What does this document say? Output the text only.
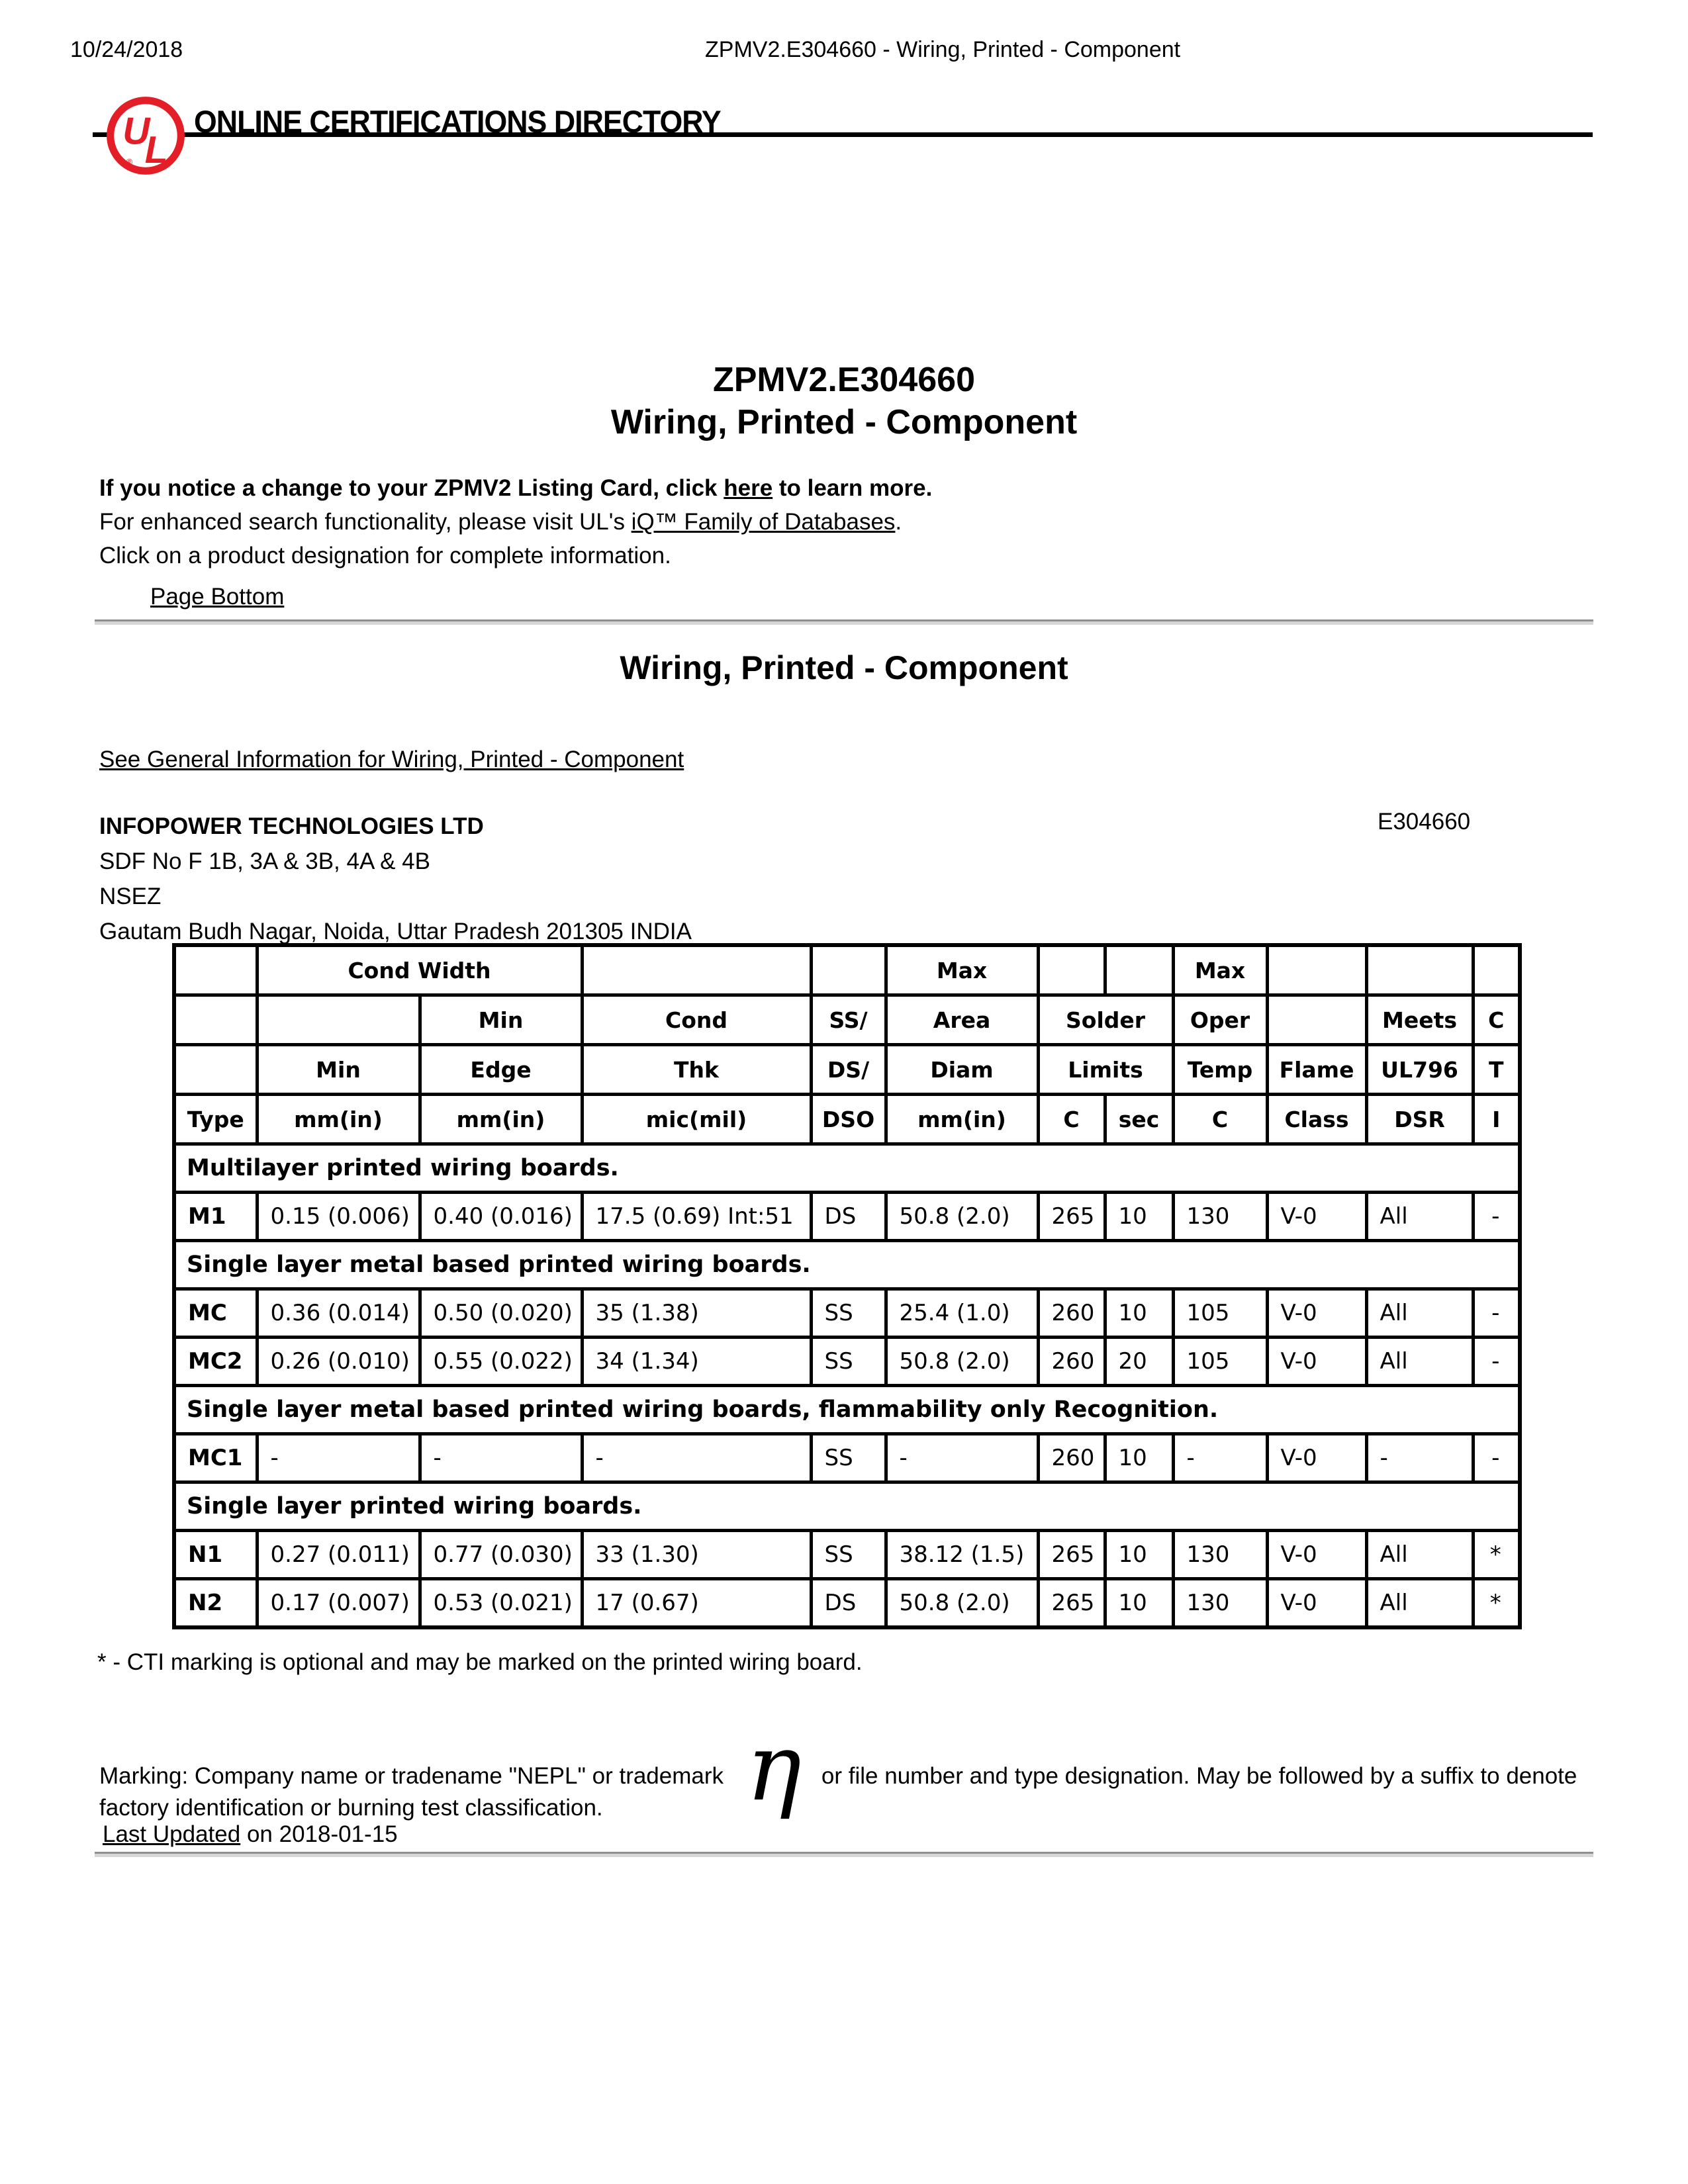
10/24/2018	ZPMV2.E304660 - Wiring, Printed - Component
U
L
®
ONLINE CERTIFICATIONS DIRECTORY
ZPMV2.E304660
Wiring, Printed - Component
If you notice a change to your ZPMV2 Listing Card, click here to learn more.
For enhanced search functionality, please visit UL's iQ™ Family of Databases.
Click on a product designation for complete information.
Page Bottom
Wiring, Printed - Component
See General Information for Wiring, Printed - Component
INFOPOWER TECHNOLOGIES LTD
SDF No F 1B, 3A & 3B, 4A & 4B
NSEZ
Gautam Budh Nagar, Noida, Uttar Pradesh 201305 INDIA
E304660
	Cond Width				Max			Max			
		Min	Cond	SS/	Area	Solder		Oper		Meets	C
	Min	Edge	Thk	DS/	Diam	Limits		Temp	Flame	UL796	T
Type	mm(in)	mm(in)	mic(mil)	DSO	mm(in)	C	sec	C	Class	DSR	I
Multilayer printed wiring boards.											
M1	0.15 (0.006)	0.40 (0.016)	17.5 (0.69) Int:51	DS	50.8 (2.0)	265	10	130	V-0	All	-
Single layer metal based printed wiring boards.											
MC	0.36 (0.014)	0.50 (0.020)	35 (1.38)	SS	25.4 (1.0)	260	10	105	V-0	All	-
MC2	0.26 (0.010)	0.55 (0.022)	34 (1.34)	SS	50.8 (2.0)	260	20	105	V-0	All	-
Single layer metal based printed wiring boards, flammability only Recognition.											
MC1	-	-	-	SS	-	260	10	-	V-0	-	-
Single layer printed wiring boards.											
N1	0.27 (0.011)	0.77 (0.030)	33 (1.30)	SS	38.12 (1.5)	265	10	130	V-0	All	*
N2	0.17 (0.007)	0.53 (0.021)	17 (0.67)	DS	50.8 (2.0)	265	10	130	V-0	All	*
* - CTI marking is optional and may be marked on the printed wiring board.
Marking: Company name or tradename "NEPL" or trademark η or file number and type designation. May be followed by a suffix to denote
factory identification or burning test classification.
Last Updated on 2018-01-15
